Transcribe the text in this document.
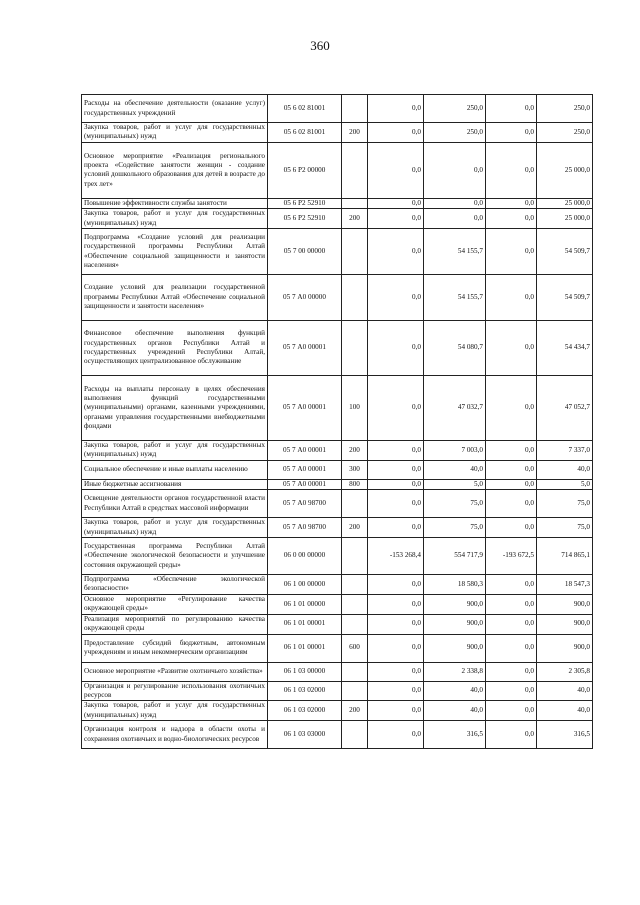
360
Расходы на обеспечение деятельности (оказание услуг) государственных учреждений	05 6 02 81001		0,0	250,0	0,0	250,0
Закупка товаров, работ и услуг для государственных (муниципальных) нужд	05 6 02 81001	200	0,0	250,0	0,0	250,0
Основное мероприятие «Реализация регионального проекта «Содействие занятости женщин - создание условий дошкольного образования для детей в возрасте до трех лет»	05 6 P2 00000		0,0	0,0	0,0	25 000,0
Повышение эффективности службы занятости	05 6 P2 52910		0,0	0,0	0,0	25 000,0
Закупка товаров, работ и услуг для государственных (муниципальных) нужд	05 6 P2 52910	200	0,0	0,0	0,0	25 000,0
Подпрограмма «Создание условий для реализации государственной программы Республики Алтай «Обеспечение социальной защищенности и занятости населения»	05 7 00 00000		0,0	54 155,7	0,0	54 509,7
Создание условий для реализации государственной программы Республики Алтай «Обеспечение социальной защищенности и занятости населения»	05 7 А0 00000		0,0	54 155,7	0,0	54 509,7
Финансовое обеспечение выполнения функций государственных органов Республики Алтай и государственных учреждений Республики Алтай, осуществляющих централизованное обслуживание	05 7 А0 00001		0,0	54 080,7	0,0	54 434,7
Расходы на выплаты персоналу в целях обеспечения выполнения функций государственными (муниципальными) органами, казенными учреждениями, органами управления государственными внебюджетными фондами	05 7 А0 00001	100	0,0	47 032,7	0,0	47 052,7
Закупка товаров, работ и услуг для государственных (муниципальных) нужд	05 7 А0 00001	200	0,0	7 003,0	0,0	7 337,0
Социальное обеспечение и иные выплаты населению	05 7 А0 00001	300	0,0	40,0	0,0	40,0
Иные бюджетные ассигнования	05 7 А0 00001	800	0,0	5,0	0,0	5,0
Освещение деятельности органов государственной власти Республики Алтай в средствах массовой информации	05 7 А0 98700		0,0	75,0	0,0	75,0
Закупка товаров, работ и услуг для государственных (муниципальных) нужд	05 7 А0 98700	200	0,0	75,0	0,0	75,0
Государственная программа Республики Алтай «Обеспечение экологической безопасности и улучшение состояния окружающей среды»	06 0 00 00000		-153 268,4	554 717,9	-193 672,5	714 865,1
Подпрограмма «Обеспечение экологической безопасности»	06 1 00 00000		0,0	18 580,3	0,0	18 547,3
Основное мероприятие «Регулирование качества окружающей среды»	06 1 01 00000		0,0	900,0	0,0	900,0
Реализация мероприятий по регулированию качества окружающей среды	06 1 01 00001		0,0	900,0	0,0	900,0
Предоставление субсидий бюджетным, автономным учреждениям и иным некоммерческим организациям	06 1 01 00001	600	0,0	900,0	0,0	900,0
Основное мероприятие «Развитие охотничьего хозяйства»	06 1 03 00000		0,0	2 338,8	0,0	2 305,8
Организация и регулирование использования охотничьих ресурсов	06 1 03 02000		0,0	40,0	0,0	40,0
Закупка товаров, работ и услуг для государственных (муниципальных) нужд	06 1 03 02000	200	0,0	40,0	0,0	40,0
Организация контроля и надзора в области охоты и сохранения охотничьих и водно-биологических ресурсов	06 1 03 03000		0,0	316,5	0,0	316,5
